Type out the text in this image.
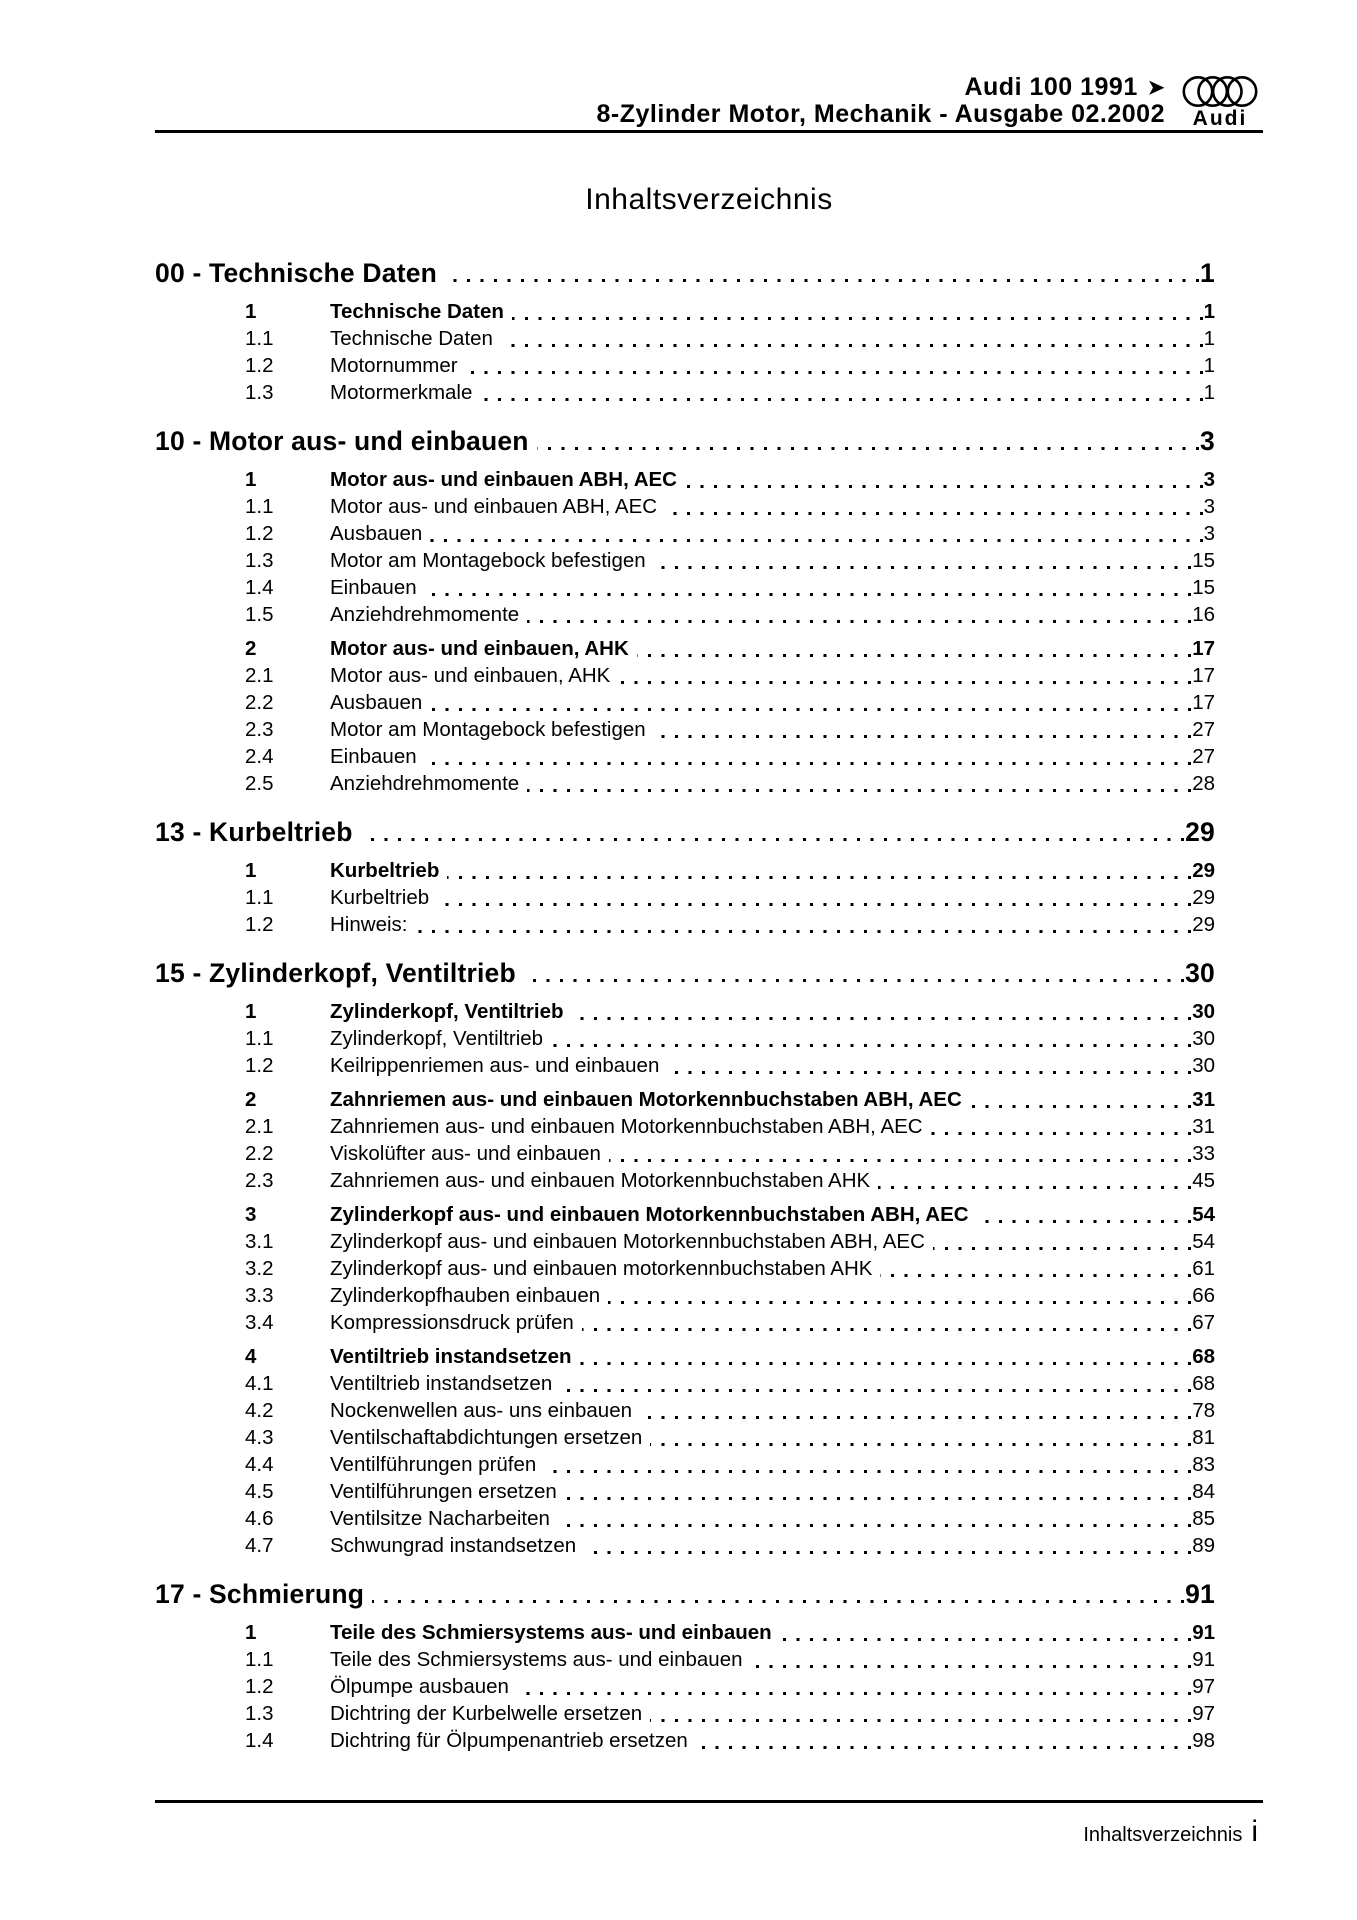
Audi 100 1991 ➤
8-Zylinder Motor, Mechanik - Ausgabe 02.2002	Audi
Inhaltsverzeichnis
00 - Technische Daten	1
1	Technische Daten	1
1.1	Technische Daten	1
1.2	Motornummer	1
1.3	Motormerkmale	1
10 - Motor aus- und einbauen	3
1	Motor aus- und einbauen ABH, AEC	3
1.1	Motor aus- und einbauen ABH, AEC	3
1.2	Ausbauen	3
1.3	Motor am Montagebock befestigen	15
1.4	Einbauen	15
1.5	Anziehdrehmomente	16
2	Motor aus- und einbauen, AHK	17
2.1	Motor aus- und einbauen, AHK	17
2.2	Ausbauen	17
2.3	Motor am Montagebock befestigen	27
2.4	Einbauen	27
2.5	Anziehdrehmomente	28
13 - Kurbeltrieb	29
1	Kurbeltrieb	29
1.1	Kurbeltrieb	29
1.2	Hinweis:	29
15 - Zylinderkopf, Ventiltrieb	30
1	Zylinderkopf, Ventiltrieb	30
1.1	Zylinderkopf, Ventiltrieb	30
1.2	Keilrippenriemen aus- und einbauen	30
2	Zahnriemen aus- und einbauen Motorkennbuchstaben ABH, AEC	31
2.1	Zahnriemen aus- und einbauen Motorkennbuchstaben ABH, AEC	31
2.2	Viskolüfter aus- und einbauen	33
2.3	Zahnriemen aus- und einbauen Motorkennbuchstaben AHK	45
3	Zylinderkopf aus- und einbauen Motorkennbuchstaben ABH, AEC	54
3.1	Zylinderkopf aus- und einbauen Motorkennbuchstaben ABH, AEC	54
3.2	Zylinderkopf aus- und einbauen motorkennbuchstaben AHK	61
3.3	Zylinderkopfhauben einbauen	66
3.4	Kompressionsdruck prüfen	67
4	Ventiltrieb instandsetzen	68
4.1	Ventiltrieb instandsetzen	68
4.2	Nockenwellen aus- uns einbauen	78
4.3	Ventilschaftabdichtungen ersetzen	81
4.4	Ventilführungen prüfen	83
4.5	Ventilführungen ersetzen	84
4.6	Ventilsitze Nacharbeiten	85
4.7	Schwungrad instandsetzen	89
17 - Schmierung	91
1	Teile des Schmiersystems aus- und einbauen	91
1.1	Teile des Schmiersystems aus- und einbauen	91
1.2	Ölpumpe ausbauen	97
1.3	Dichtring der Kurbelwelle ersetzen	97
1.4	Dichtring für Ölpumpenantrieb ersetzen	98
Inhaltsverzeichnis i
